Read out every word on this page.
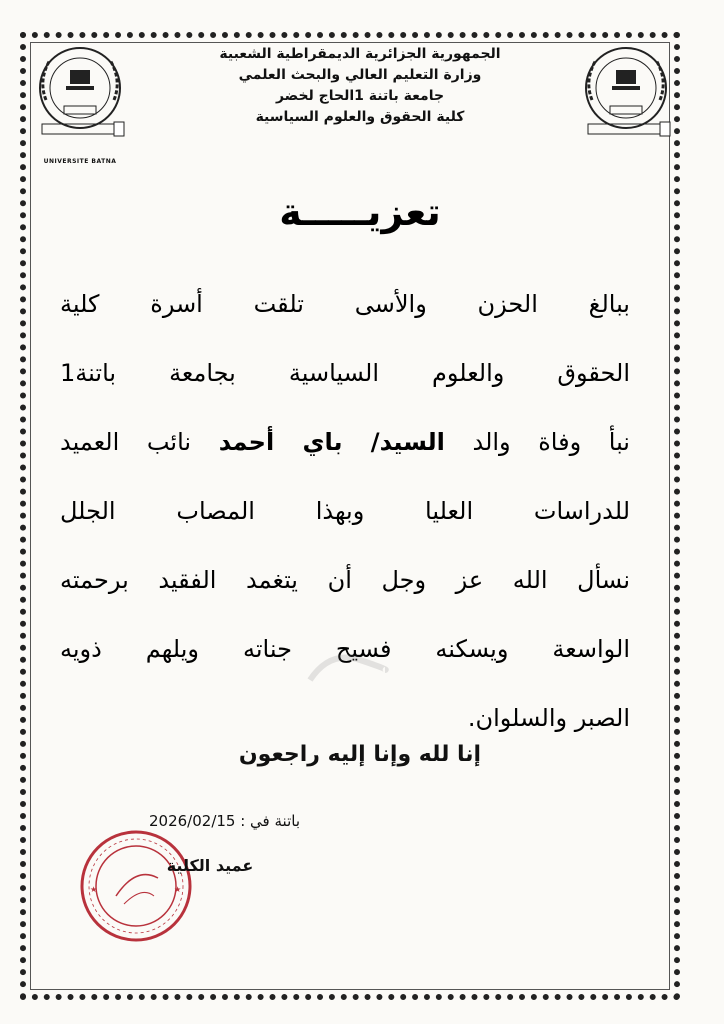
UNIVERSITE BATNA
الجمهورية الجزائرية الديمقراطية الشعبية
وزارة التعليم العالي والبحث العلمي
جامعة باتنة 1الحاج لخضر
كلية الحقوق والعلوم السياسية
تعزيـــــة
ببالغ الحزن والأسى تلقت أسرة كلية
الحقوق والعلوم السياسية بجامعة باتنة1
نبأ وفاة والد السيد/ باي أحمد نائب العميد
للدراسات العليا وبهذا المصاب الجلل
نسأل الله عز وجل أن يتغمد الفقيد برحمته
الواسعة ويسكنه فسيح جناته ويلهم ذويه
الصبر والسلوان.
إنا لله وإنا إليه راجعون
باتنة في : 2026/02/15
★	★
عميد الكلية
